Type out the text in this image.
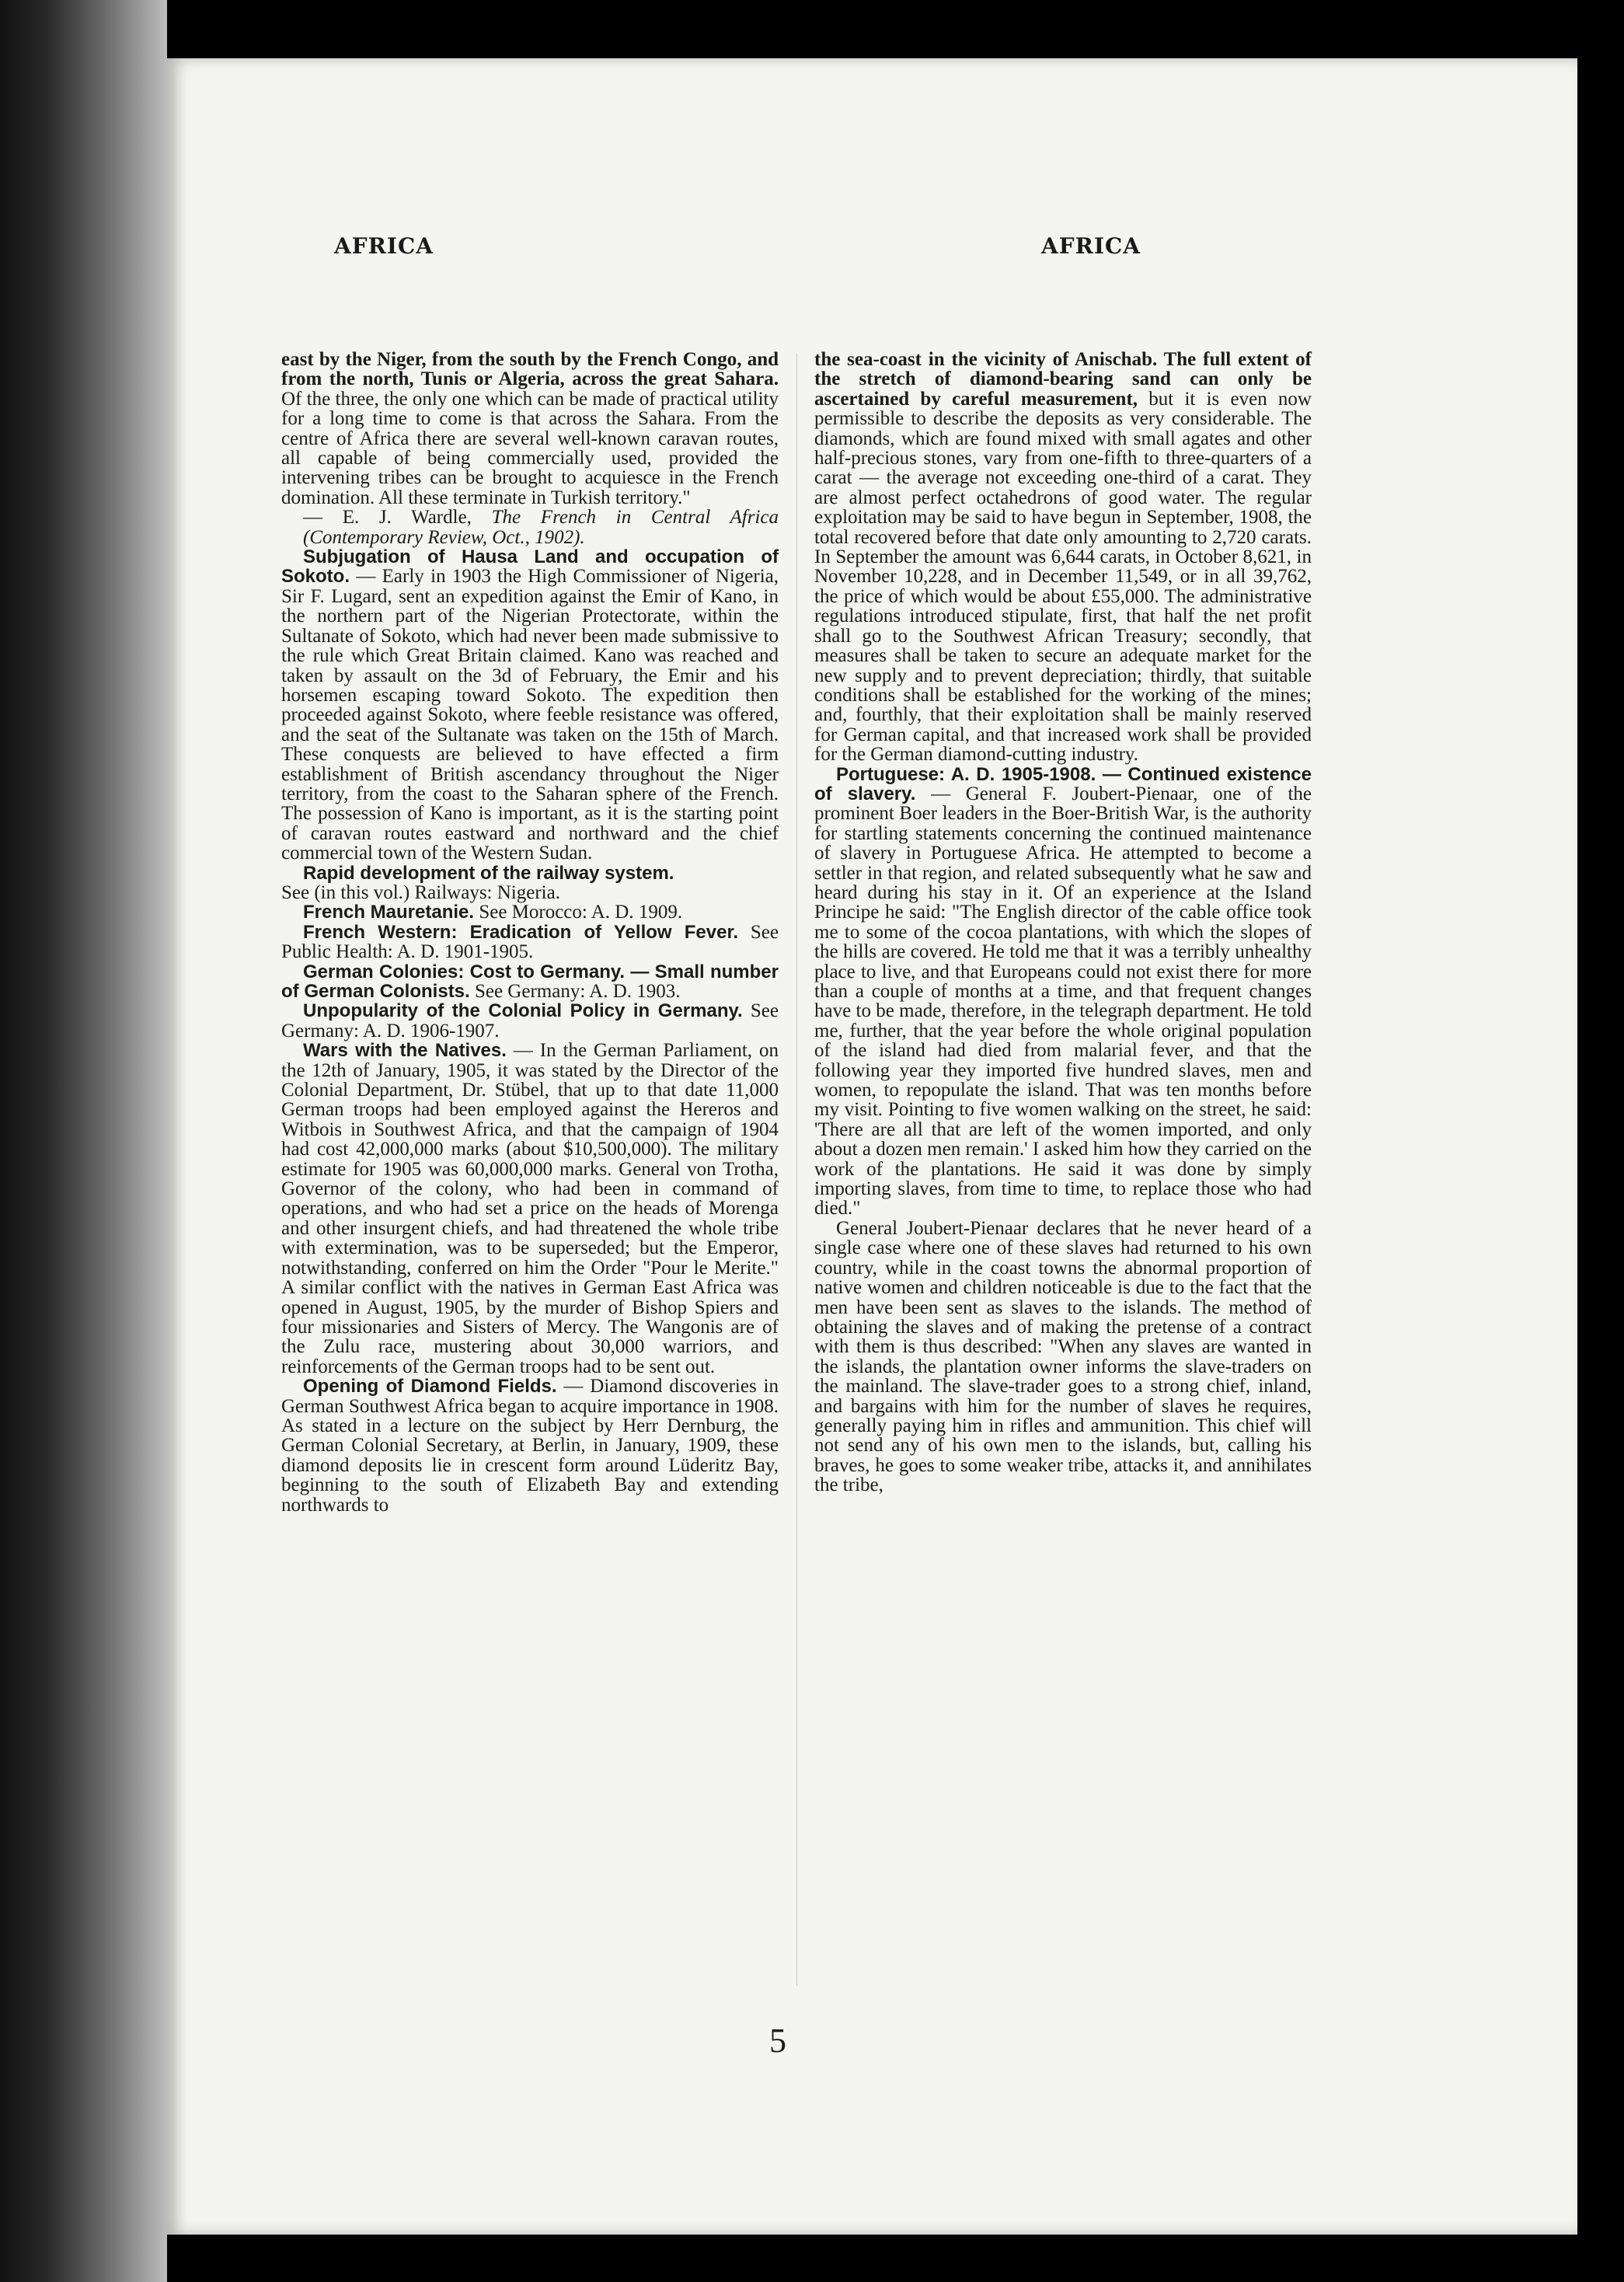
AFRICA	AFRICA

east by the Niger, from the south by the French Congo, and from the north, Tunis or Algeria, across the great Sahara. Of the three, the only one which can be made of practical utility for a long time to come is that across the Sahara. From the centre of Africa there are several well-known caravan routes, all capable of being commercially used, provided the intervening tribes can be brought to acquiesce in the French domination. All these terminate in Turkish territory."

— E. J. Wardle, The French in Central Africa (Contemporary Review, Oct., 1902).

Subjugation of Hausa Land and occupation of Sokoto. — Early in 1903 the High Commissioner of Nigeria, Sir F. Lugard, sent an expedition against the Emir of Kano, in the northern part of the Nigerian Protectorate, within the Sultanate of Sokoto, which had never been made submissive to the rule which Great Britain claimed. Kano was reached and taken by assault on the 3d of February, the Emir and his horsemen escaping toward Sokoto. The expedition then proceeded against Sokoto, where feeble resistance was offered, and the seat of the Sultanate was taken on the 15th of March. These conquests are believed to have effected a firm establishment of British ascendancy throughout the Niger territory, from the coast to the Saharan sphere of the French. The possession of Kano is important, as it is the starting point of caravan routes eastward and northward and the chief commercial town of the Western Sudan.

Rapid development of the railway system.

See (in this vol.) Railways: Nigeria.

French Mauretanie. See Morocco: A. D. 1909.

French Western: Eradication of Yellow Fever. See Public Health: A. D. 1901-1905.

German Colonies: Cost to Germany. — Small number of German Colonists. See Germany: A. D. 1903.

Unpopularity of the Colonial Policy in Germany. See Germany: A. D. 1906-1907.

Wars with the Natives. — In the German Parliament, on the 12th of January, 1905, it was stated by the Director of the Colonial Department, Dr. Stübel, that up to that date 11,000 German troops had been employed against the Hereros and Witbois in Southwest Africa, and that the campaign of 1904 had cost 42,000,000 marks (about $10,500,000). The military estimate for 1905 was 60,000,000 marks. General von Trotha, Governor of the colony, who had been in command of operations, and who had set a price on the heads of Morenga and other insurgent chiefs, and had threatened the whole tribe with extermination, was to be superseded; but the Emperor, notwithstanding, conferred on him the Order "Pour le Merite." A similar conflict with the natives in German East Africa was opened in August, 1905, by the murder of Bishop Spiers and four missionaries and Sisters of Mercy. The Wangonis are of the Zulu race, mustering about 30,000 warriors, and reinforcements of the German troops had to be sent out.

Opening of Diamond Fields. — Diamond discoveries in German Southwest Africa began to acquire importance in 1908. As stated in a lecture on the subject by Herr Dernburg, the German Colonial Secretary, at Berlin, in January, 1909, these diamond deposits lie in crescent form around Lüderitz Bay, beginning to the south of Elizabeth Bay and extending northwards to

the sea-coast in the vicinity of Anischab. The full extent of the stretch of diamond-bearing sand can only be ascertained by careful measurement, but it is even now permissible to describe the deposits as very considerable. The diamonds, which are found mixed with small agates and other half-precious stones, vary from one-fifth to three-quarters of a carat — the average not exceeding one-third of a carat. They are almost perfect octahedrons of good water. The regular exploitation may be said to have begun in September, 1908, the total recovered before that date only amounting to 2,720 carats. In September the amount was 6,644 carats, in October 8,621, in November 10,228, and in December 11,549, or in all 39,762, the price of which would be about £55,000. The administrative regulations introduced stipulate, first, that half the net profit shall go to the Southwest African Treasury; secondly, that measures shall be taken to secure an adequate market for the new supply and to prevent depreciation; thirdly, that suitable conditions shall be established for the working of the mines; and, fourthly, that their exploitation shall be mainly reserved for German capital, and that increased work shall be provided for the German diamond-cutting industry.

Portuguese: A. D. 1905-1908. — Continued existence of slavery. — General F. Joubert-Pienaar, one of the prominent Boer leaders in the Boer-British War, is the authority for startling statements concerning the continued maintenance of slavery in Portuguese Africa. He attempted to become a settler in that region, and related subsequently what he saw and heard during his stay in it. Of an experience at the Island Principe he said: "The English director of the cable office took me to some of the cocoa plantations, with which the slopes of the hills are covered. He told me that it was a terribly unhealthy place to live, and that Europeans could not exist there for more than a couple of months at a time, and that frequent changes have to be made, therefore, in the telegraph department. He told me, further, that the year before the whole original population of the island had died from malarial fever, and that the following year they imported five hundred slaves, men and women, to repopulate the island. That was ten months before my visit. Pointing to five women walking on the street, he said: 'There are all that are left of the women imported, and only about a dozen men remain.' I asked him how they carried on the work of the plantations. He said it was done by simply importing slaves, from time to time, to replace those who had died."

General Joubert-Pienaar declares that he never heard of a single case where one of these slaves had returned to his own country, while in the coast towns the abnormal proportion of native women and children noticeable is due to the fact that the men have been sent as slaves to the islands. The method of obtaining the slaves and of making the pretense of a contract with them is thus described: "When any slaves are wanted in the islands, the plantation owner informs the slave-traders on the mainland. The slave-trader goes to a strong chief, inland, and bargains with him for the number of slaves he requires, generally paying him in rifles and ammunition. This chief will not send any of his own men to the islands, but, calling his braves, he goes to some weaker tribe, attacks it, and annihilates the tribe,

5
